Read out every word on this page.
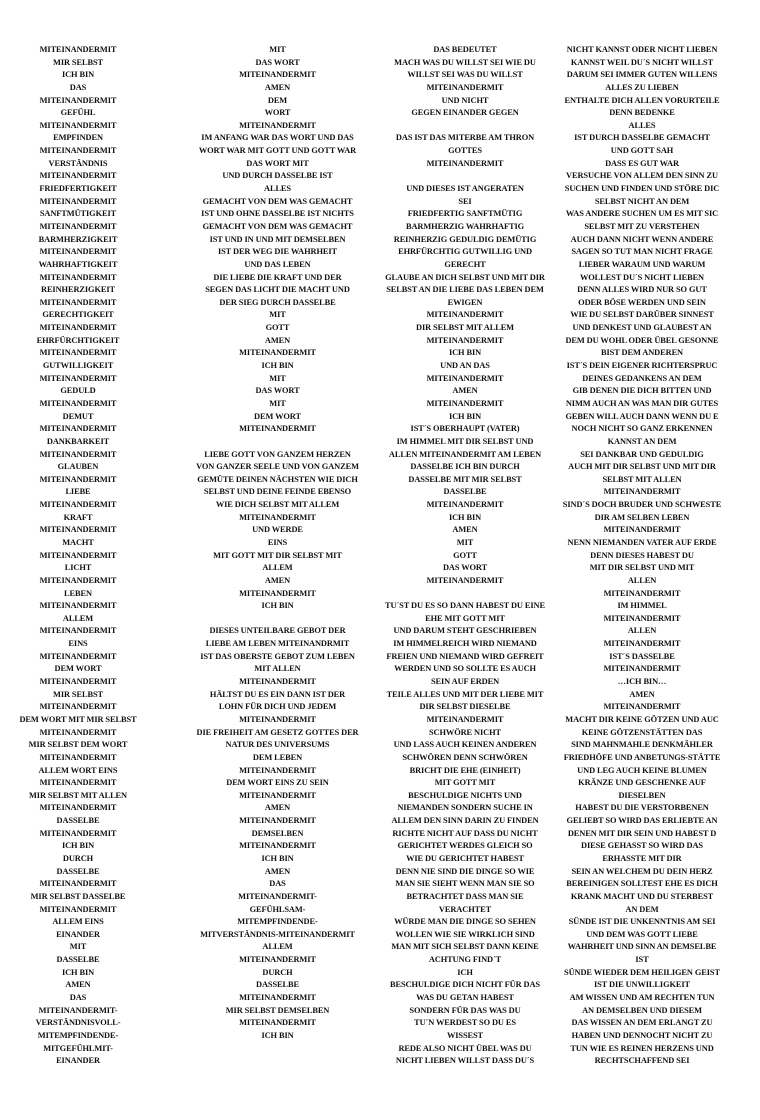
MITEINANDERMIT
MIR SELBST
ICH BIN
DAS
MITEINANDERMIT
GEFÜHL
MITEINANDERMIT
EMPFINDEN
MITEINANDERMIT
VERSTÄNDNIS
MITEINANDERMIT
FRIEDFERTIGKEIT
MITEINANDERMIT
SANFTMÜTIGKEIT
MITEINANDERMIT
BARMHERZIGKEIT
MITEINANDERMIT
WAHRHAFTIGKEIT
MITEINANDERMIT
REINHERZIGKEIT
MITEINANDERMIT
GERECHTIGKEIT
MITEINANDERMIT
EHRFÜRCHTIGKEIT
MITEINANDERMIT
GUTWILLIGKEIT
MITEINANDERMIT
GEDULD
MITEINANDERMIT
DEMUT
MITEINANDERMIT
DANKBARKEIT
MITEINANDERMIT
GLAUBEN
MITEINANDERMIT
LIEBE
MITEINANDERMIT
KRAFT
MITEINANDERMIT
MACHT
MITEINANDERMIT
LICHT
MITEINANDERMIT
LEBEN
MITEINANDERMIT
ALLEM
MITEINANDERMIT
EINS
MITEINANDERMIT
DEM WORT
MITEINANDERMIT
MIR SELBST
MITEINANDERMIT
DEM WORT MIT MIR SELBST
MITEINANDERMIT
MIR SELBST DEM WORT
MITEINANDERMIT
ALLEM WORT EINS
MITEINANDERMIT
MIR SELBST MIT ALLEN
MITEINANDERMIT
DASSELBE
MITEINANDERMIT
ICH BIN
DURCH
DASSELBE
MITEINANDERMIT
MIR SELBST DASSELBE
MITEINANDERMIT
ALLEM EINS
EINANDER
MIT
DASSELBE
ICH BIN
AMEN
DAS
MITEINANDERMIT-
VERSTÄNDNISVOLL-
MITEMPFINDENDE-
MITGEFÜHLMIT-
EINANDER
MIT
DAS WORT
MITEINANDERMIT
AMEN
DEM
WORT
MITEINANDERMIT
IM ANFANG WAR DAS WORT UND DAS
WORT WAR MIT GOTT UND GOTT WAR
DAS WORT MIT
UND DURCH DASSELBE IST
ALLES
GEMACHT VON DEM WAS GEMACHT
IST UND OHNE DASSELBE IST NICHTS
GEMACHT VON DEM WAS GEMACHT
IST UND IN UND MIT DEMSELBEN
IST DER WEG DIE WAHRHEIT
UND DAS LEBEN
DIE LIEBE DIE KRAFT UND DER
SEGEN DAS LICHT DIE MACHT UND
DER SIEG DURCH DASSELBE
MIT
GOTT
AMEN
MITEINANDERMIT
ICH BIN
MIT
DAS WORT
MIT
DEM WORT
MITEINANDERMIT
LIEBE GOTT VON GANZEM HERZEN
VON GANZER SEELE UND VON GANZEM
GEMÜTE DEINEN NÄCHSTEN WIE DICH
SELBST UND DEINE FEINDE EBENSO
WIE DICH SELBST MIT ALLEM
MITEINANDERMIT
UND WERDE
EINS
MIT GOTT MIT DIR SELBST MIT
ALLEM
AMEN
MITEINANDERMIT
ICH BIN
DIESES UNTEILBARE GEBOT DER
LIEBE AM LEBEN MITEINANDRMIT
IST DAS OBERSTE GEBOT ZUM LEBEN
MIT ALLEN
MITEINANDERMIT
HÄLTST DU ES EIN DANN IST DER
LOHN FÜR DICH UND JEDEM
MITEINANDERMIT
DIE FREIHEIT AM GESETZ GOTTES DER
NATUR DES UNIVERSUMS
DEM LEBEN
MITEINANDERMIT
DEM WORT EINS ZU SEIN
MITEINANDERMIT
AMEN
MITEINANDERMIT
DEMSELBEN
MITEINANDERMIT
ICH BIN
AMEN
DAS
MITEINANDERMIT-
GEFÜHLSAM-
MITEMPFINDENDE-
MITVERSTÄNDNIS-MITEINANDERMIT
ALLEM
MITEINANDERMIT
DURCH
DASSELBE
MITEINANDERMIT
MIR SELBST DEMSELBEN
MITEINANDERMIT
ICH BIN
DAS BEDEUTET
MACH WAS DU WILLST SEI WIE DU
WILLST SEI WAS DU WILLST
MITEINANDERMIT
UND NICHT
GEGEN EINANDER GEGEN
DAS IST DAS MITERBE AM THRON
GOTTES
MITEINANDERMIT
UND DIESES IST ANGERATEN
SEI
FRIEDFERTIG SANFTMÜTIG
BARMHERZIG WAHRHAFTIG
REINHERZIG GEDULDIG DEMÜTIG
EHRFÜRCHTIG GUTWILLIG UND
GERECHT
GLAUBE AN DICH SELBST UND MIT DIR
SELBST AN DIE LIEBE DAS LEBEN DEM
EWIGEN
MITEINANDERMIT
DIR SELBST MIT ALLEM
MITEINANDERMIT
ICH BIN
UND AN DAS
MITEINANDERMIT
AMEN
MITEINANDERMIT
ICH BIN
IST´S OBERHAUPT (VATER)
IM HIMMEL MIT DIR SELBST UND
ALLEN MITEINANDERMIT AM LEBEN
DASSELBE ICH BIN DURCH
DASSELBE MIT MIR SELBST
DASSELBE
MITEINANDERMIT
ICH BIN
AMEN
MIT
GOTT
DAS WORT
MITEINANDERMIT
TU´ST DU ES SO DANN HABEST DU EINE
EHE MIT GOTT MIT
UND DARUM STEHT GESCHRIEBEN
IM HIMMELREICH WIRD NIEMAND
FREIEN UND NIEMAND WIRD GEFREIT
WERDEN UND SO SOLLTE ES AUCH
SEIN AUF ERDEN
TEILE ALLES UND MIT DER LIEBE MIT
DIR SELBST DIESELBE
MITEINANDERMIT
SCHWÖRE NICHT
UND LASS AUCH KEINEN ANDEREN
SCHWÖREN DENN SCHWÖREN
BRICHT DIE EHE (EINHEIT)
MIT GOTT MIT
BESCHULDIGE NICHTS UND
NIEMANDEN SONDERN SUCHE IN
ALLEM DEN SINN DARIN ZU FINDEN
RICHTE NICHT AUF DASS DU NICHT
GERICHTET WERDES GLEICH SO
WIE DU GERICHTET HABEST
DENN NIE SIND DIE DINGE SO WIE
MAN SIE SIEHT WENN MAN SIE SO
BETRACHTET DASS MAN SIE
VERACHTET
WÜRDE MAN DIE DINGE SO SEHEN
WOLLEN WIE SIE WIRKLICH SIND
MAN MIT SICH SELBST DANN KEINE
ACHTUNG FIND´T
ICH
BESCHULDIGE DICH NICHT FÜR DAS
WAS DU GETAN HABEST
SONDERN FÜR DAS WAS DU
TU´N WERDEST SO DU ES
WISSEST
REDE ALSO NICHT ÜBEL WAS DU
NICHT LIEBEN WILLST DASS DU´S
NICHT KANNST ODER NICHT LIEBEN
KANNST WEIL DU´S NICHT WILLST
DARUM SEI IMMER GUTEN WILLENS
ALLES ZU LIEBEN
ENTHALTE DICH ALLEN VORURTEILE
DENN BEDENKE
ALLES
IST DURCH DASSELBE GEMACHT
UND GOTT SAH
DASS ES GUT WAR
VERSUCHE VON ALLEM DEN SINN ZU
SUCHEN UND FINDEN UND STÖRE DIC
SELBST NICHT AN DEM
WAS ANDERE SUCHEN UM ES MIT SIC
SELBST MIT ZU VERSTEHEN
AUCH DANN NICHT WENN ANDERE
SAGEN SO TUT MAN NICHT FRAGE
LIEBER WARAUM UND WARUM
WOLLEST DU´S NICHT LIEBEN
DENN ALLES WIRD NUR SO GUT
ODER BÖSE WERDEN UND SEIN
WIE DU SELBST DARÜBER SINNEST
UND DENKEST UND GLAUBEST AN
DEM DU WOHL ODER ÜBEL GESONNE
BIST DEM ANDEREN
IST´S DEIN EIGENER RICHTERSPRUC
DEINES GEDANKENS AN DEM
GIB DENEN DIE DICH BITTEN UND
NIMM AUCH AN WAS MAN DIR GUTES
GEBEN WILL AUCH DANN WENN DU E
NOCH NICHT SO GANZ ERKENNEN
KANNST AN DEM
SEI DANKBAR UND GEDULDIG
AUCH MIT DIR SELBST UND MIT DIR
SELBST MIT ALLEN
MITEINANDERMIT
SIND´S DOCH BRUDER UND SCHWESTE
DIR AM SELBEN LEBEN
MITEINANDERMIT
NENN NIEMANDEN VATER AUF ERDE
DENN DIESES HABEST DU
MIT DIR SELBST UND MIT
ALLEN
MITEINANDERMIT
IM HIMMEL
MITEINANDERMIT
ALLEN
MITEINANDERMIT
IST´S DASSELBE
MITEINANDERMIT
…ICH BIN…
AMEN
MITEINANDERMIT
MACHT DIR KEINE GÖTZEN UND AUC
KEINE GÖTZENSTÄTTEN DAS
SIND MAHNMAHLE DENKMÄHLER
FRIEDHÖFE UND ANBETUNGS-STÄTTE
UND LEG AUCH KEINE BLUMEN
KRÄNZE UND GESCHENKE AUF
DIESELBEN
HABEST DU DIE VERSTORBENEN
GELIEBT SO WIRD DAS ERLIEBTE AN
DENEN MIT DIR SEIN UND HABEST D
DIESE GEHASST SO WIRD DAS
ERHASSTE MIT DIR
SEIN AN WELCHEM DU DEIN HERZ
BEREINIGEN SOLLTEST EHE ES DICH
KRANK MACHT UND DU STERBEST
AN DEM
SÜNDE IST DIE UNKENNTNIS AM SEI
UND DEM WAS GOTT LIEBE
WAHRHEIT UND SINN AN DEMSELBE
IST
SÜNDE WIEDER DEM HEILIGEN GEIST
IST DIE UNWILLIGKEIT
AM WISSEN UND AM RECHTEN TUN
AN DEMSELBEN UND DIESEM
DAS WISSEN AN DEM ERLANGT ZU
HABEN UND DENNOCHT NICHT ZU
TUN WIE ES REINEN HERZENS UND
RECHTSCHAFFEND SEI
